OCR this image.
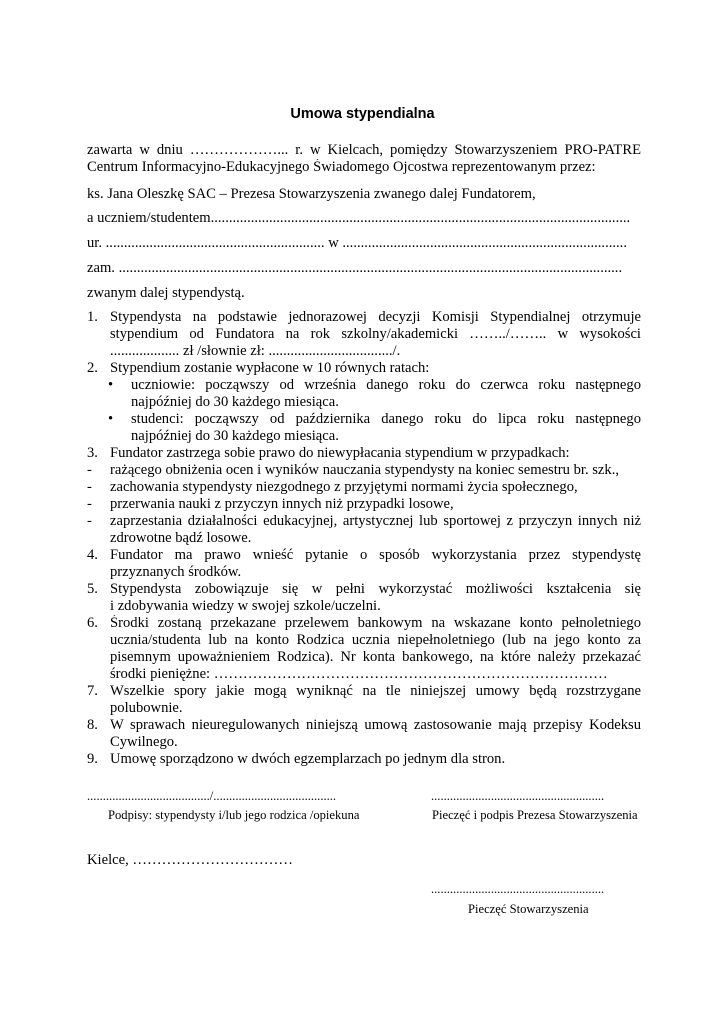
Umowa stypendialna
zawarta w dniu ………………... r. w Kielcach, pomiędzy Stowarzyszeniem PRO-PATRE
Centrum Informacyjno-Edukacyjnego Świadomego Ojcostwa reprezentowanym przez:
ks. Jana Oleszkę SAC – Prezesa Stowarzyszenia zwanego dalej Fundatorem,
a uczniem/studentem...................................................................................................................
ur. ............................................................ w ..............................................................................
zam. ..........................................................................................................................................
zwanym dalej stypendystą.
1. Stypendysta na podstawie jednorazowej decyzji Komisji Stypendialnej otrzymuje
stypendium od Fundatora na rok szkolny/akademicki ……../…….. w wysokości
................... zł /słownie zł: ................................../.
2. Stypendium zostanie wypłacone w 10 równych ratach:
•	uczniowie: począwszy od września danego roku do czerwca roku następnego
najpóźniej do 30 każdego miesiąca.
•	studenci: począwszy od października danego roku do lipca roku następnego
najpóźniej do 30 każdego miesiąca.
3. Fundator zastrzega sobie prawo do niewypłacania stypendium w przypadkach:
-	rażącego obniżenia ocen i wyników nauczania stypendysty na koniec semestru br. szk.,
-	zachowania stypendysty niezgodnego z przyjętymi normami życia społecznego,
-	przerwania nauki z przyczyn innych niż przypadki losowe,
-	zaprzestania działalności edukacyjnej, artystycznej lub sportowej z przyczyn innych niż
zdrowotne bądź losowe.
4. Fundator ma prawo wnieść pytanie o sposób wykorzystania przez stypendystę
przyznanych środków.
5. Stypendysta zobowiązuje się w pełni wykorzystać możliwości kształcenia się
i zdobywania wiedzy w swojej szkole/uczelni.
6. Środki zostaną przekazane przelewem bankowym na wskazane konto pełnoletniego
ucznia/studenta lub na konto Rodzica ucznia niepełnoletniego (lub na jego konto za
pisemnym upoważnieniem Rodzica). Nr konta bankowego, na które należy przekazać
środki pieniężne: ………………………………………………………………………
7. Wszelkie spory jakie mogą wyniknąć na tle niniejszej umowy będą rozstrzygane
polubownie.
8. W sprawach nieuregulowanych niniejszą umową zastosowanie mają przepisy Kodeksu
Cywilnego.
9. Umowę sporządzono w dwóch egzemplarzach po jednym dla stron.
......................................./.......................................
Podpisy: stypendysty i/lub jego rodzica /opiekuna
.......................................................
Pieczęć i podpis Prezesa Stowarzyszenia
Kielce, ……………………………
.......................................................
Pieczęć Stowarzyszenia
